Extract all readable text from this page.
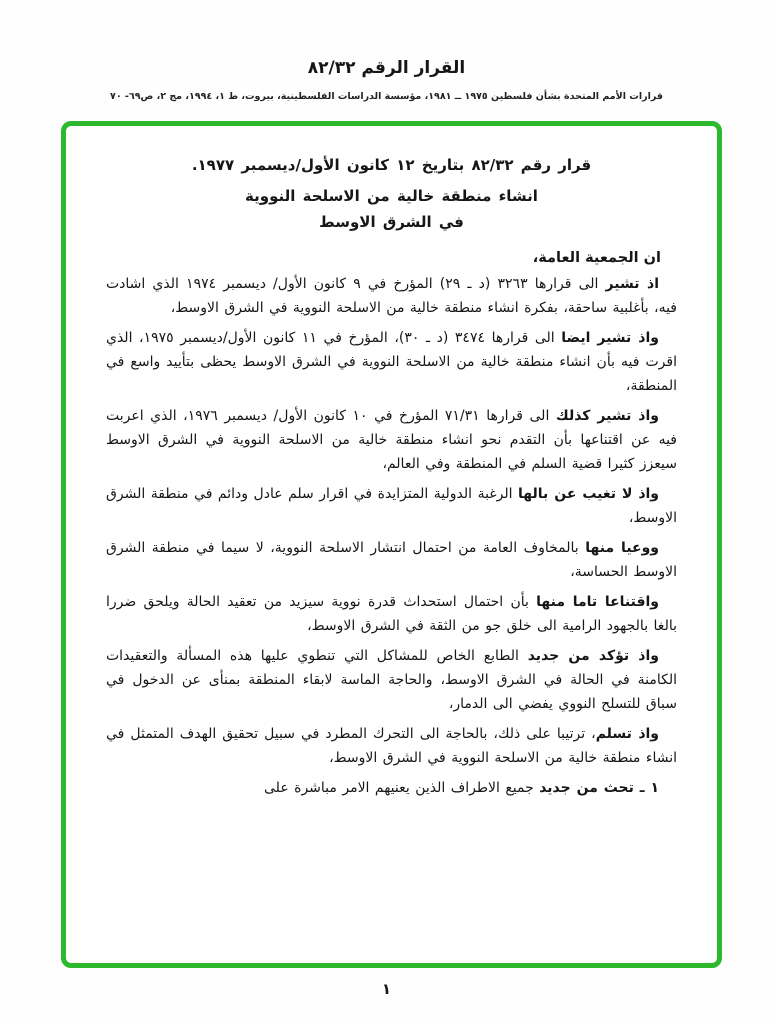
القرار الرقم ٨٢/٣٢
قرارات الأمم المتحدة بشأن فلسطين ١٩٧٥ ــ ١٩٨١، مؤسسة الدراسات الفلسطينية، بيروت، ط ١، ١٩٩٤، مج ٢، ص٦٩- ٧٠
قرار رقم ٨٢/٣٢ بتاريخ ١٢ كانون الأول/ديسمبر ١٩٧٧.
انشاء منطقة خالية من الاسلحة النووية
في الشرق الاوسط

ان الجمعية العامة،

اذ تشير الى قرارها ٣٢٦٣ (د ـ ٢٩) المؤرخ في ٩ كانون الأول/ ديسمبر ١٩٧٤ الذي اشادت فيه، بأغلبية ساحقة، بفكرة انشاء منطقة خالية من الاسلحة النووية في الشرق الاوسط،

واذ تشير ايضا الى قرارها ٣٤٧٤ (د ـ ٣٠)، المؤرخ في ١١ كانون الأول/ديسمبر ١٩٧٥، الذي اقرت فيه بأن انشاء منطقة خالية من الاسلحة النووية في الشرق الاوسط يحظى بتأييد واسع في المنطقة،

واذ تشير كذلك الى قرارها ٧١/٣١ المؤرخ في ١٠ كانون الأول/ ديسمبر ١٩٧٦، الذي اعربت فيه عن اقتناعها بأن التقدم نحو انشاء منطقة خالية من الاسلحة النووية في الشرق الاوسط سيعزز كثيرا قضية السلم في المنطقة وفي العالم،

واذ لا تغيب عن بالها الرغبة الدولية المتزايدة في اقرار سلم عادل ودائم في منطقة الشرق الاوسط،

ووعيا منها بالمخاوف العامة من احتمال انتشار الاسلحة النووية، لا سيما في منطقة الشرق الاوسط الحساسة،

واقتناعا تاما منها بأن احتمال استحداث قدرة نووية سيزيد من تعقيد الحالة ويلحق ضررا بالغا بالجهود الرامية الى خلق جو من الثقة في الشرق الاوسط،

واذ تؤكد من جديد الطابع الخاص للمشاكل التي تنطوي عليها هذه المسألة والتعقيدات الكامنة في الحالة في الشرق الاوسط، والحاجة الماسة لابقاء المنطقة بمنأى عن الدخول في سباق للتسلح النووي يفضي الى الدمار،

واذ تسلم، ترتيبا على ذلك، بالحاجة الى التحرك المطرد في سبيل تحقيق الهدف المتمثل في انشاء منطقة خالية من الاسلحة النووية في الشرق الاوسط،

١ ـ تحث من جديد جميع الاطراف الذين يعنيهم الامر مباشرة على

١
